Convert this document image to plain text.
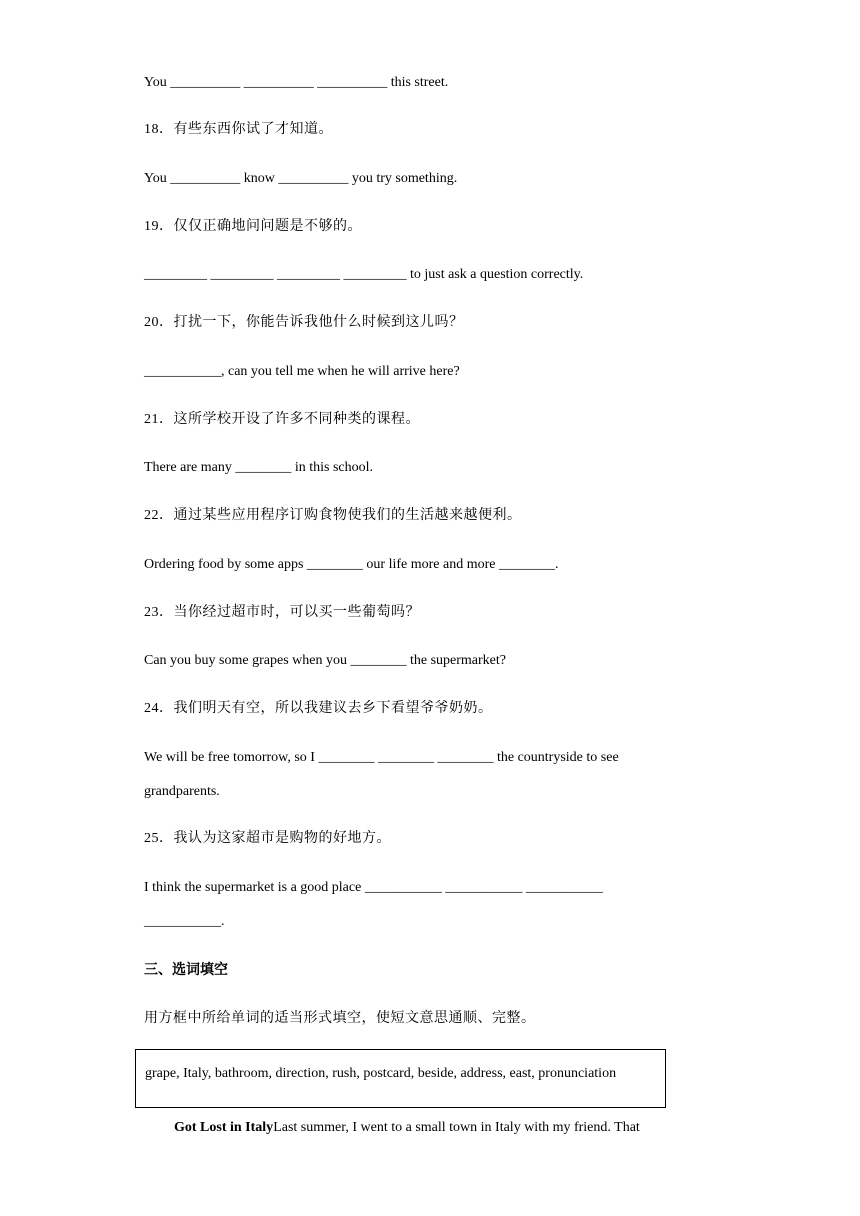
You __________ __________ __________ this street.
18．有些东西你试了才知道。
You __________ know __________ you try something.
19．仅仅正确地问问题是不够的。
_________ _________ _________ _________ to just ask a question correctly.
20．打扰一下，你能告诉我他什么时候到这儿吗？
___________, can you tell me when he will arrive here?
21．这所学校开设了许多不同种类的课程。
There are many ________ in this school.
22．通过某些应用程序订购食物使我们的生活越来越便利。
Ordering food by some apps ________ our life more and more ________.
23．当你经过超市时，可以买一些葡萄吗？
Can you buy some grapes when you ________ the supermarket?
24．我们明天有空，所以我建议去乡下看望爷爷奶奶。
We will be free tomorrow, so I ________ ________ ________ the countryside to see
grandparents.
25．我认为这家超市是购物的好地方。
I think the supermarket is a good place ___________ ___________ ___________
___________.
三、选词填空
用方框中所给单词的适当形式填空，使短文意思通顺、完整。
grape, Italy, bathroom, direction, rush, postcard, beside, address, east, pronunciation
Got Lost in ItalyLast summer, I went to a small town in Italy with my friend. That
